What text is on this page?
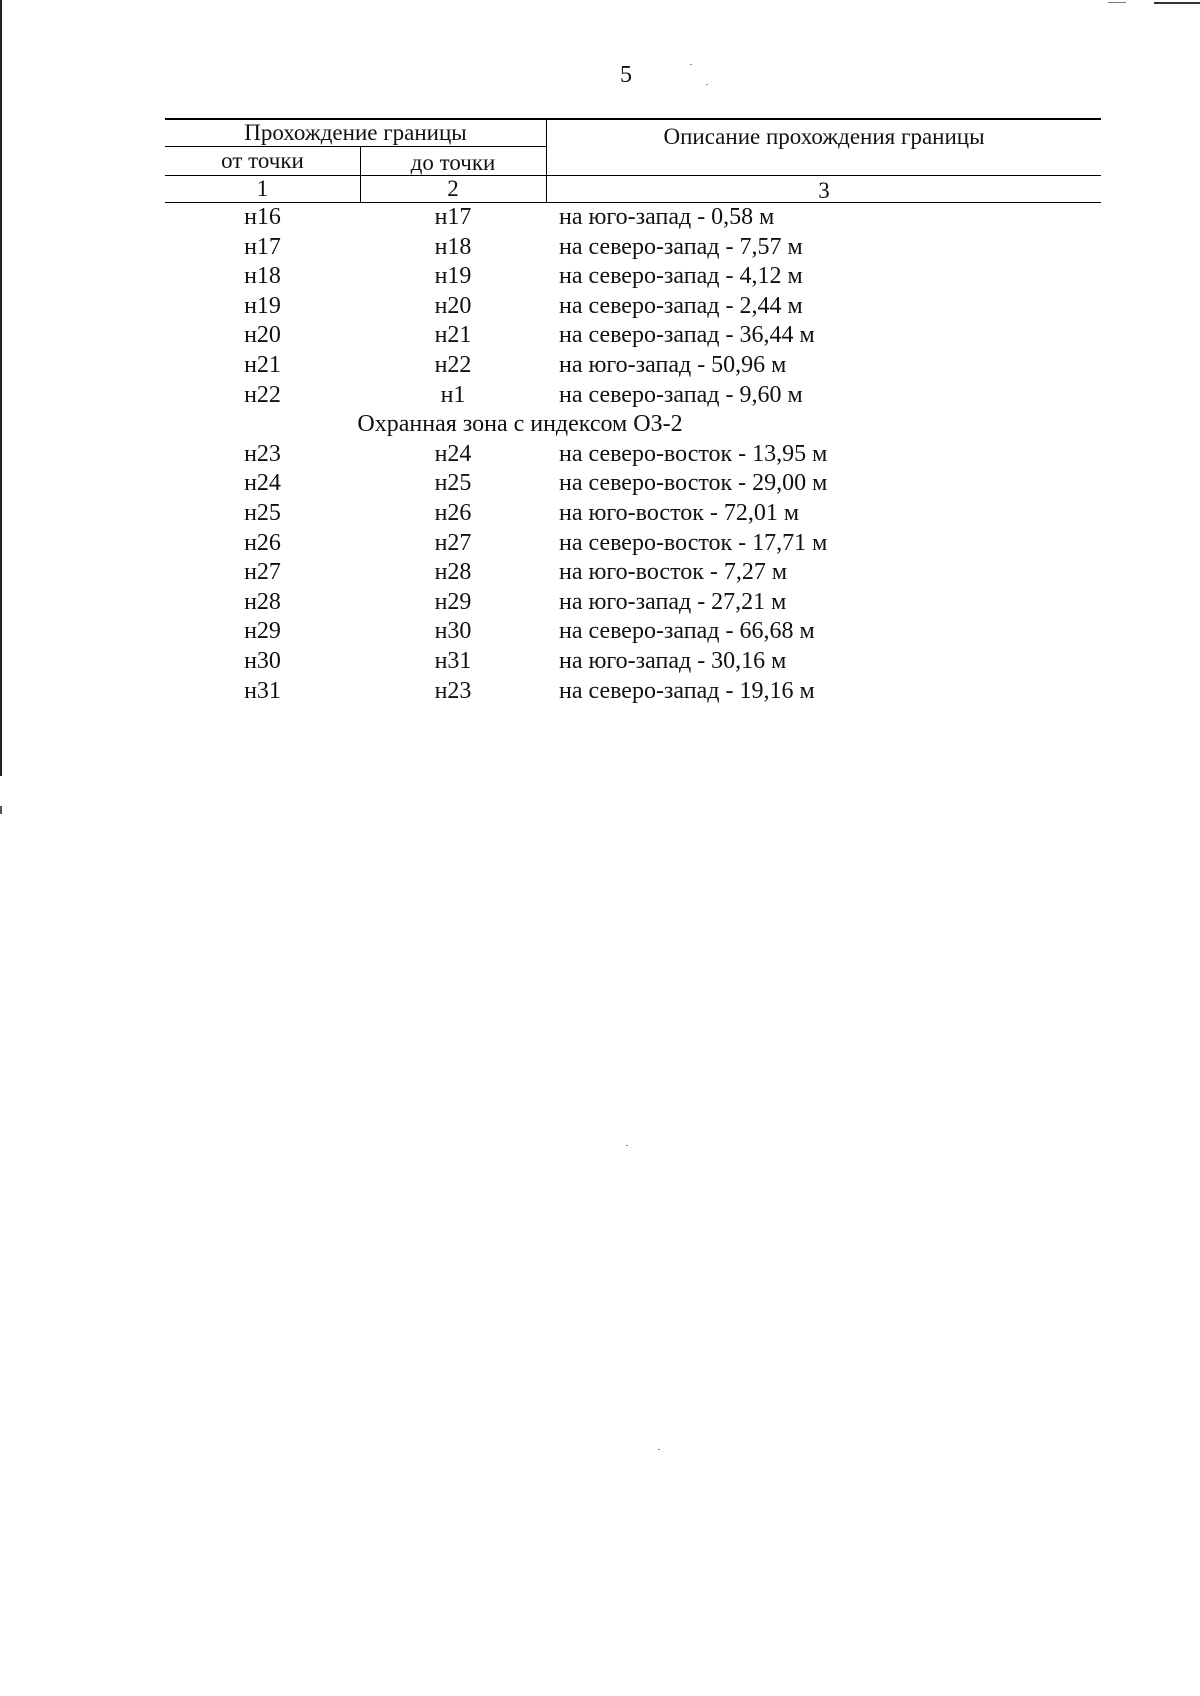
5
Прохождение границы	Описание прохождения границы
от точки	до точки
1	2	3
н16	н17	на юго-запад - 0,58 м
н17	н18	на северо-запад - 7,57 м
н18	н19	на северо-запад - 4,12 м
н19	н20	на северо-запад - 2,44 м
н20	н21	на северо-запад - 36,44 м
н21	н22	на юго-запад - 50,96 м
н22	н1	на северо-запад - 9,60 м
Охранная зона с индексом ОЗ-2
н23	н24	на северо-восток - 13,95 м
н24	н25	на северо-восток - 29,00 м
н25	н26	на юго-восток - 72,01 м
н26	н27	на северо-восток - 17,71 м
н27	н28	на юго-восток - 7,27 м
н28	н29	на юго-запад - 27,21 м
н29	н30	на северо-запад - 66,68 м
н30	н31	на юго-запад - 30,16 м
н31	н23	на северо-запад - 19,16 м
